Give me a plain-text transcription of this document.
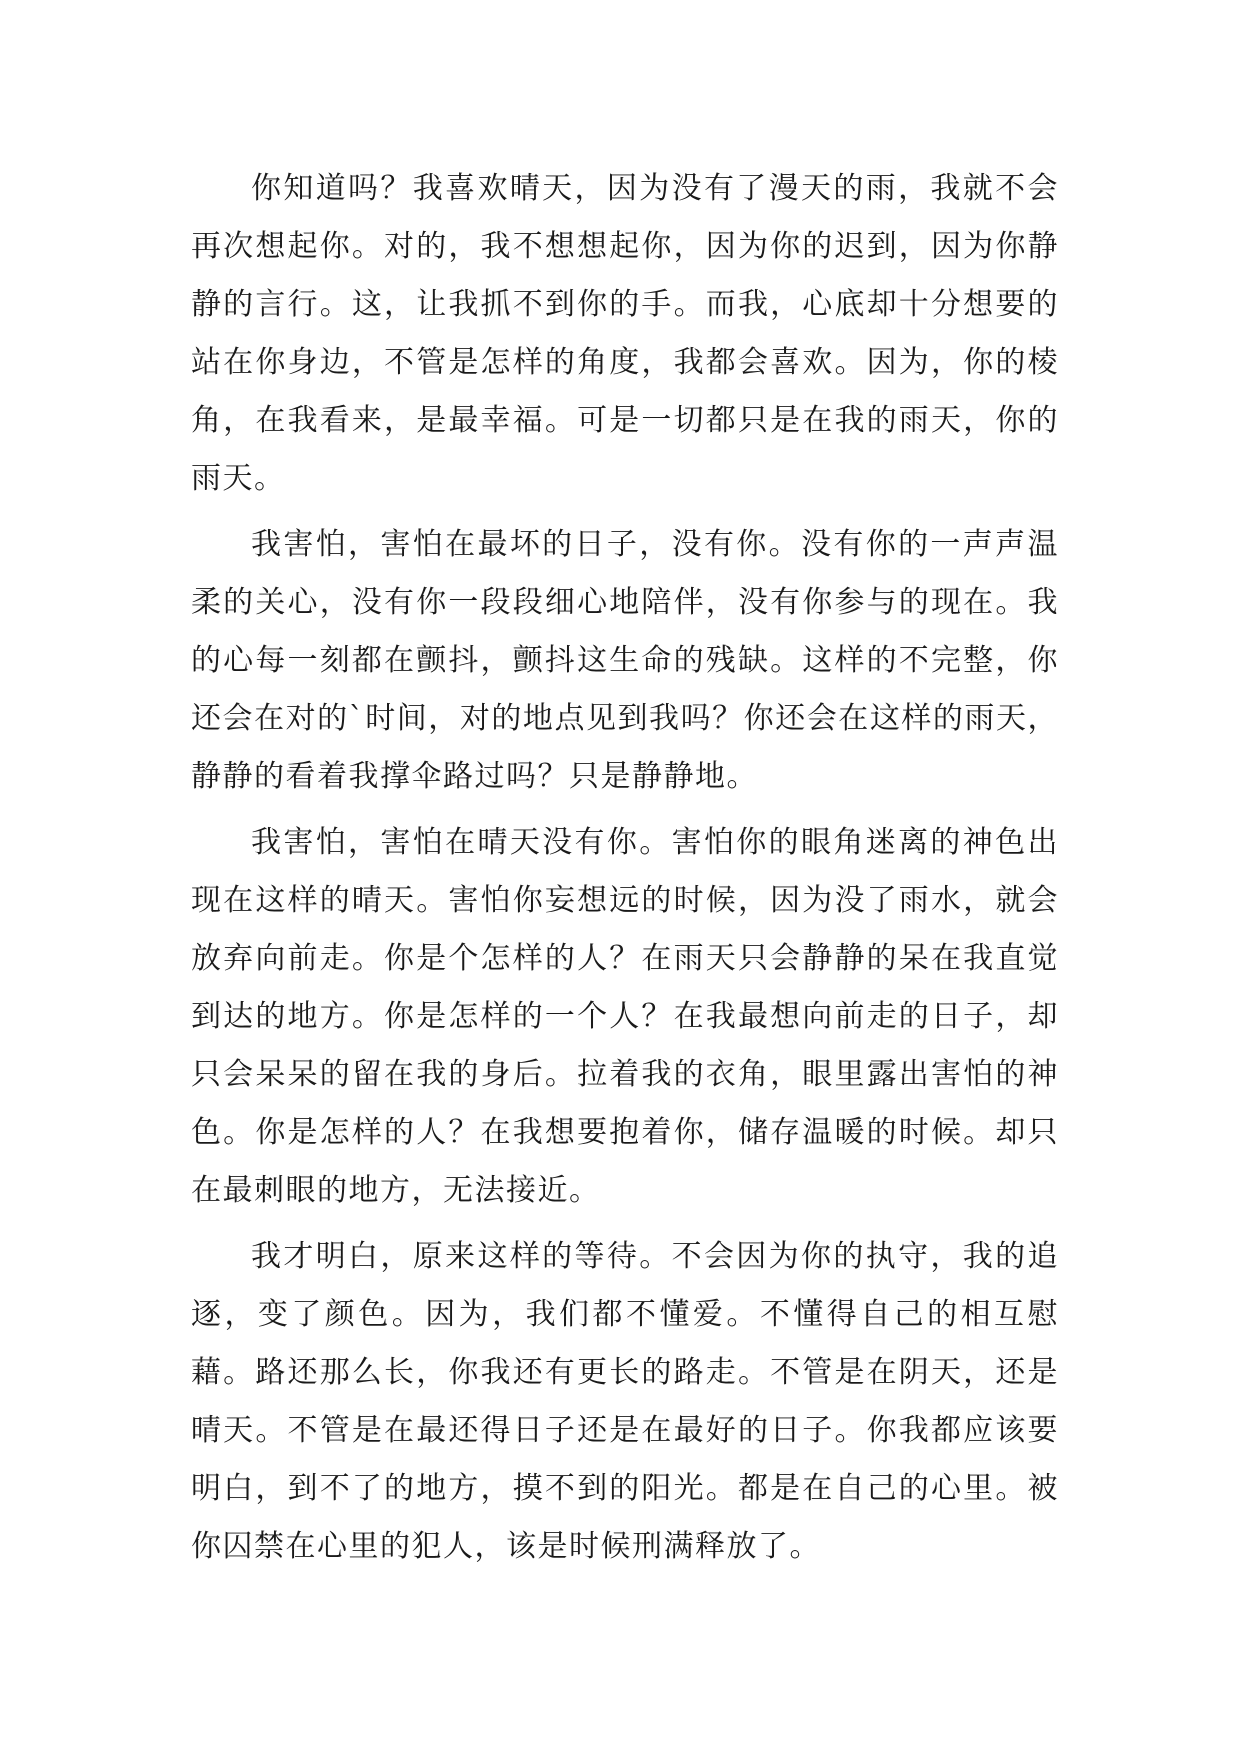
你知道吗？我喜欢晴天，因为没有了漫天的雨，我就不会再次想起你。对的，我不想想起你，因为你的迟到，因为你静静的言行。这，让我抓不到你的手。而我，心底却十分想要的站在你身边，不管是怎样的角度，我都会喜欢。因为，你的棱角，在我看来，是最幸福。可是一切都只是在我的雨天，你的雨天。

我害怕，害怕在最坏的日子，没有你。没有你的一声声温柔的关心，没有你一段段细心地陪伴，没有你参与的现在。我的心每一刻都在颤抖，颤抖这生命的残缺。这样的不完整，你还会在对的`时间，对的地点见到我吗？你还会在这样的雨天，静静的看着我撑伞路过吗？只是静静地。

我害怕，害怕在晴天没有你。害怕你的眼角迷离的神色出现在这样的晴天。害怕你妄想远的时候，因为没了雨水，就会放弃向前走。你是个怎样的人？在雨天只会静静的呆在我直觉到达的地方。你是怎样的一个人？在我最想向前走的日子，却只会呆呆的留在我的身后。拉着我的衣角，眼里露出害怕的神色。你是怎样的人？在我想要抱着你，储存温暖的时候。却只在最刺眼的地方，无法接近。

我才明白，原来这样的等待。不会因为你的执守，我的追逐，变了颜色。因为，我们都不懂爱。不懂得自己的相互慰藉。路还那么长，你我还有更长的路走。不管是在阴天，还是晴天。不管是在最还得日子还是在最好的日子。你我都应该要明白，到不了的地方，摸不到的阳光。都是在自己的心里。被你囚禁在心里的犯人，该是时候刑满释放了。
